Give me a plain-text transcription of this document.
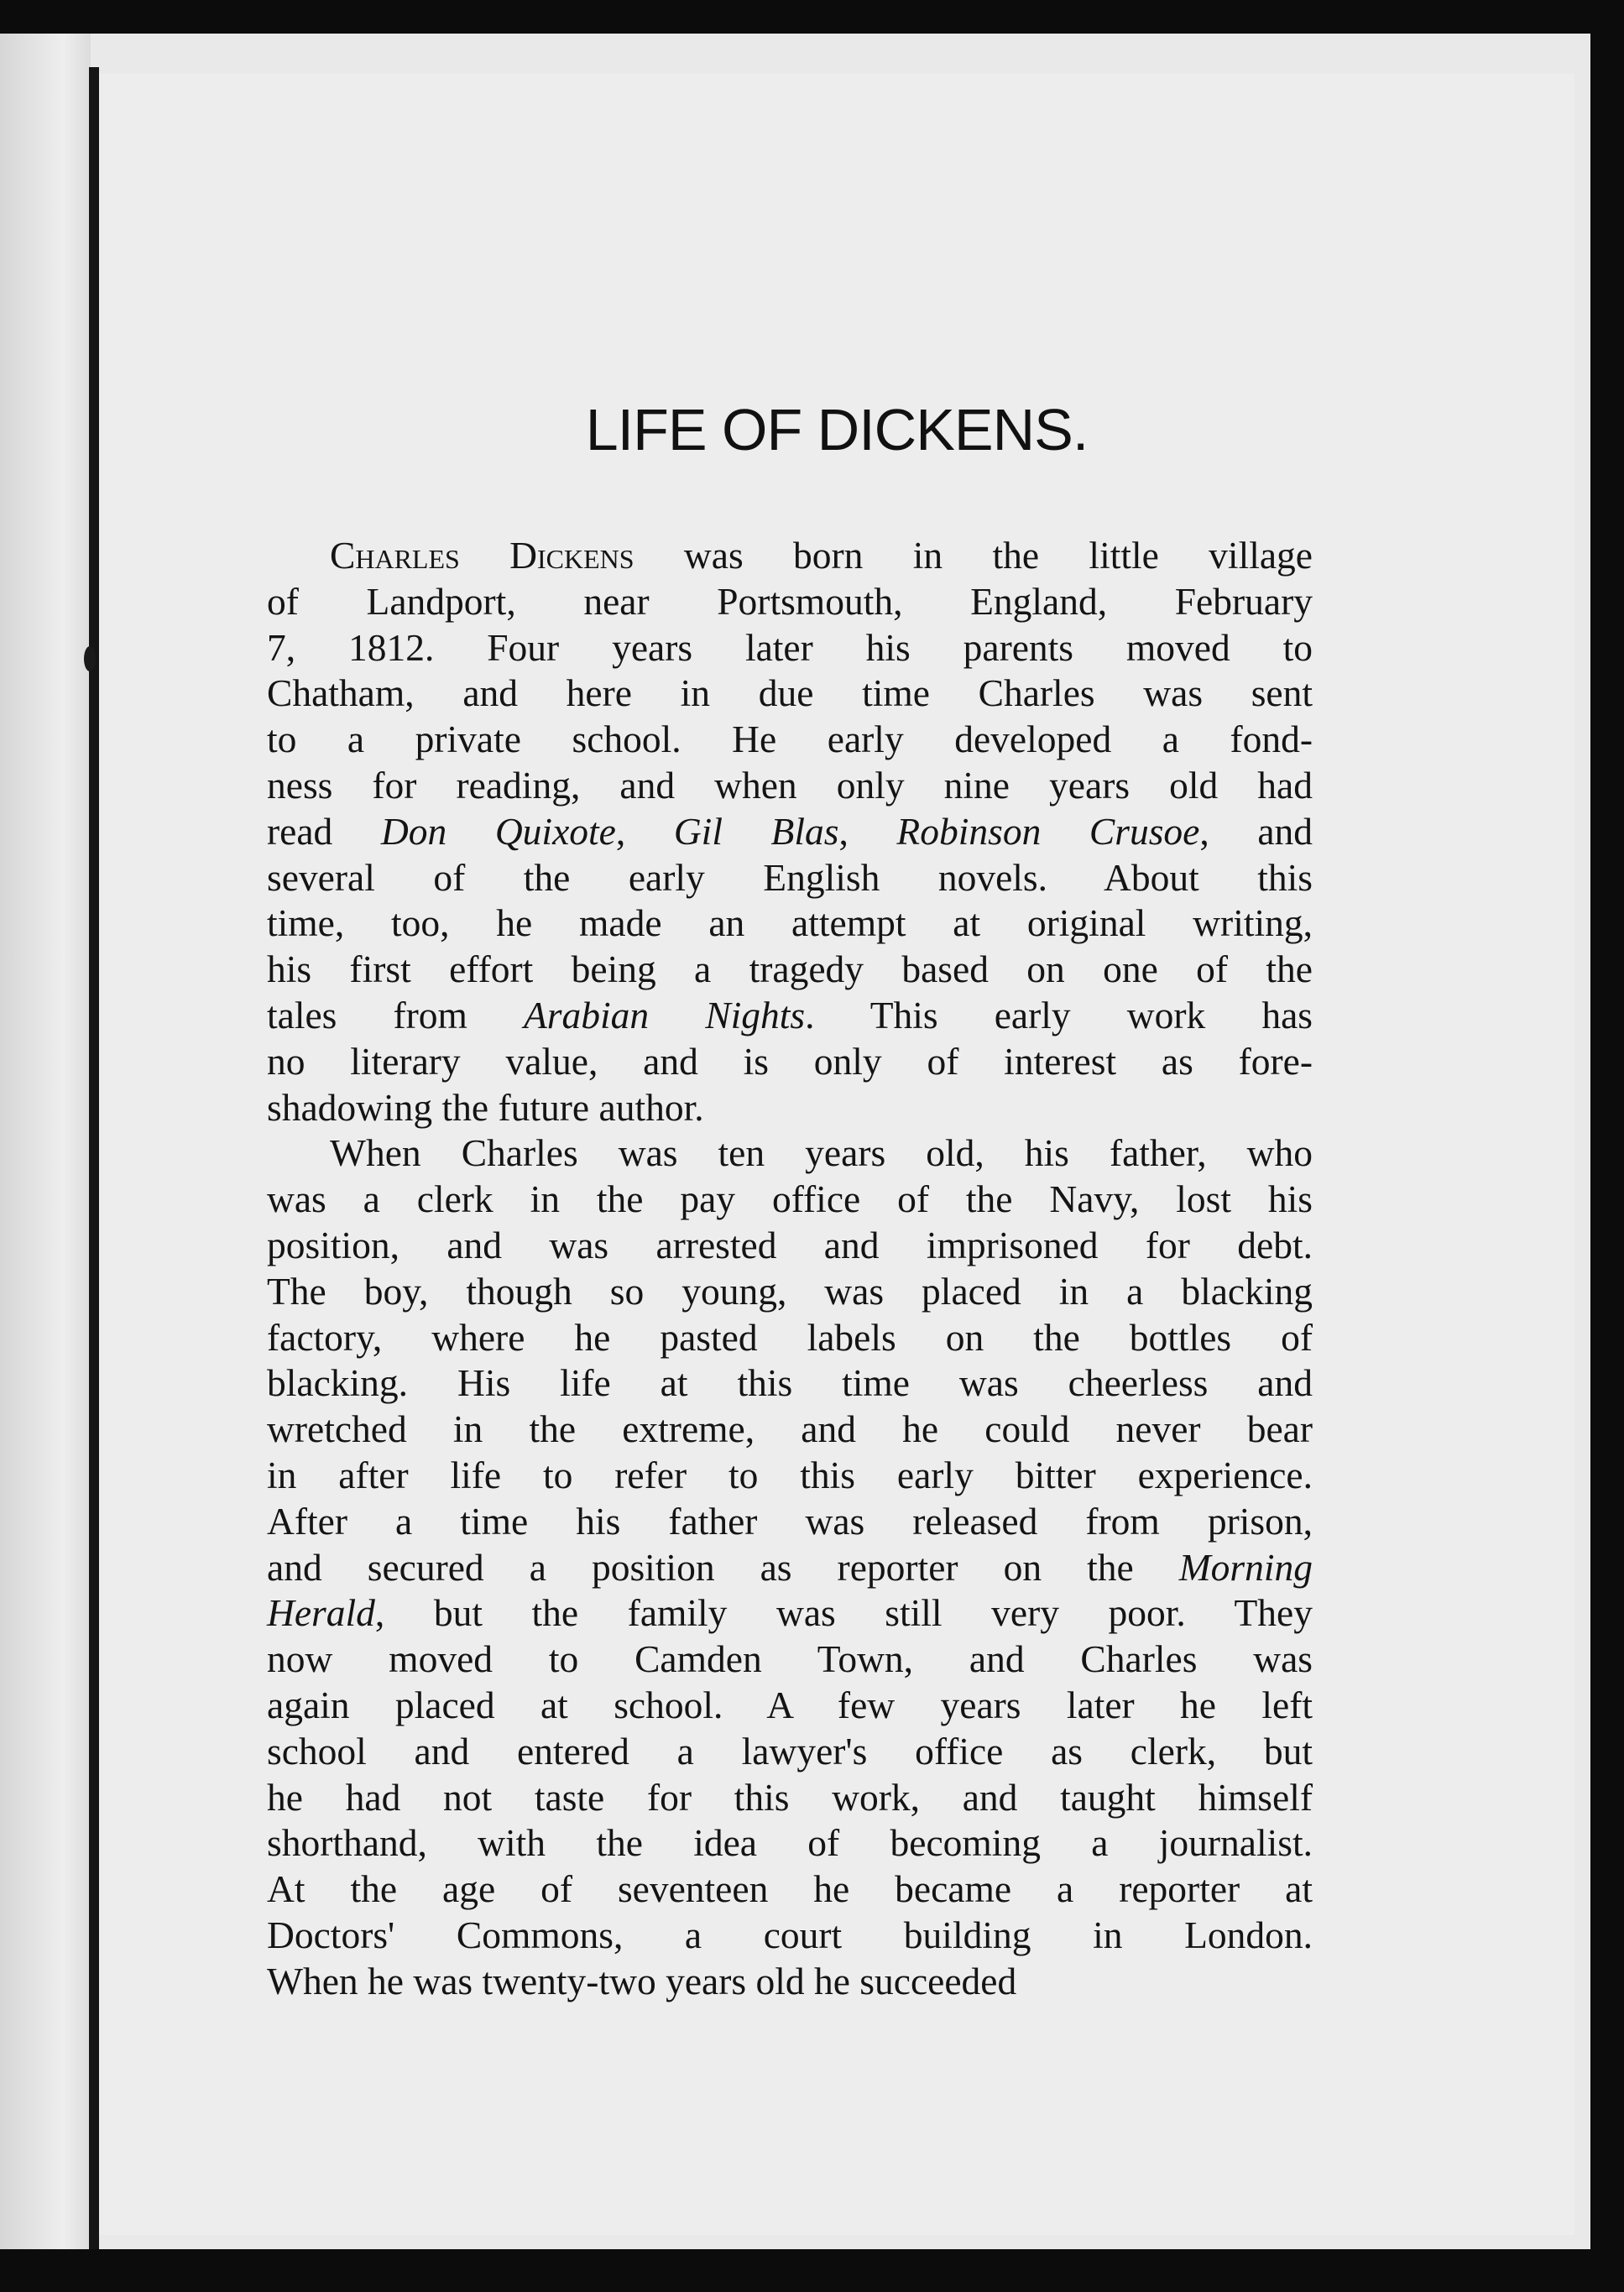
LIFE OF DICKENS.

Charles Dickens was born in the little village
of Landport, near Portsmouth, England, February
7, 1812. Four years later his parents moved to
Chatham, and here in due time Charles was sent
to a private school. He early developed a fond-
ness for reading, and when only nine years old had
read Don Quixote, Gil Blas, Robinson Crusoe, and
several of the early English novels. About this
time, too, he made an attempt at original writing,
his first effort being a tragedy based on one of the
tales from Arabian Nights. This early work has
no literary value, and is only of interest as fore-
shadowing the future author.

When Charles was ten years old, his father, who
was a clerk in the pay office of the Navy, lost his
position, and was arrested and imprisoned for debt.
The boy, though so young, was placed in a blacking
factory, where he pasted labels on the bottles of
blacking. His life at this time was cheerless and
wretched in the extreme, and he could never bear
in after life to refer to this early bitter experience.
After a time his father was released from prison,
and secured a position as reporter on the Morning
Herald, but the family was still very poor. They
now moved to Camden Town, and Charles was
again placed at school. A few years later he left
school and entered a lawyer's office as clerk, but
he had not taste for this work, and taught himself
shorthand, with the idea of becoming a journalist.
At the age of seventeen he became a reporter at
Doctors' Commons, a court building in London.
When he was twenty-two years old he succeeded
